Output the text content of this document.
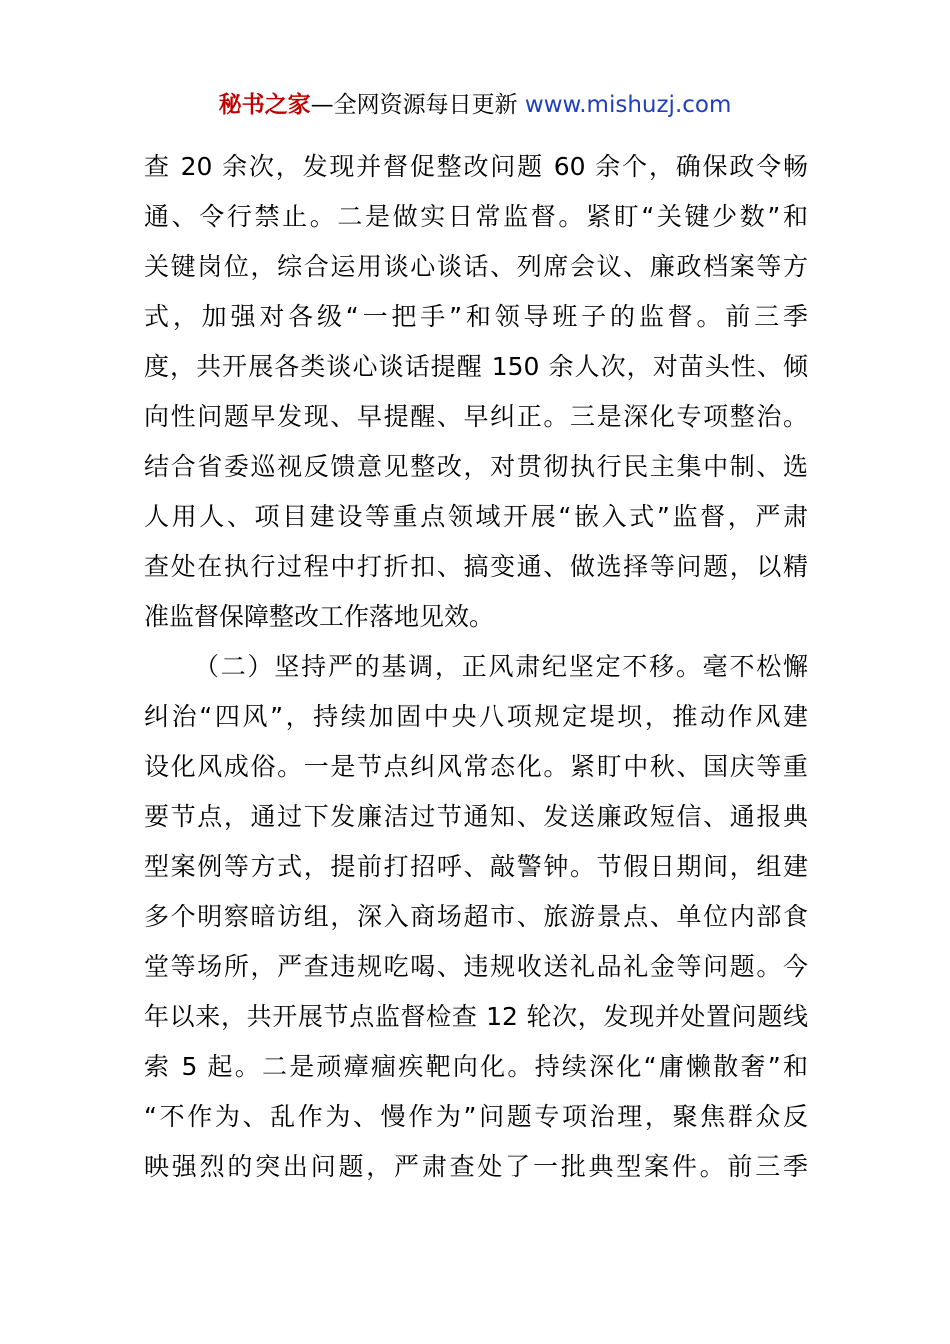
秘书之家—全网资源每日更新 www.mishuzj.com
查 20 余次，发现并督促整改问题 60 余个，确保政令畅
通、令行禁止。二是做实日常监督。紧盯“关键少数”和
关键岗位，综合运用谈心谈话、列席会议、廉政档案等方
式，加强对各级“一把手”和领导班子的监督。前三季
度，共开展各类谈心谈话提醒 150 余人次，对苗头性、倾
向性问题早发现、早提醒、早纠正。三是深化专项整治。
结合省委巡视反馈意见整改，对贯彻执行民主集中制、选
人用人、项目建设等重点领域开展“嵌入式”监督，严肃
查处在执行过程中打折扣、搞变通、做选择等问题，以精
准监督保障整改工作落地见效。
（二）坚持严的基调，正风肃纪坚定不移。毫不松懈
纠治“四风”，持续加固中央八项规定堤坝，推动作风建
设化风成俗。一是节点纠风常态化。紧盯中秋、国庆等重
要节点，通过下发廉洁过节通知、发送廉政短信、通报典
型案例等方式，提前打招呼、敲警钟。节假日期间，组建
多个明察暗访组，深入商场超市、旅游景点、单位内部食
堂等场所，严查违规吃喝、违规收送礼品礼金等问题。今
年以来，共开展节点监督检查 12 轮次，发现并处置问题线
索 5 起。二是顽瘴痼疾靶向化。持续深化“庸懒散奢”和
“不作为、乱作为、慢作为”问题专项治理，聚焦群众反
映强烈的突出问题，严肃查处了一批典型案件。前三季
